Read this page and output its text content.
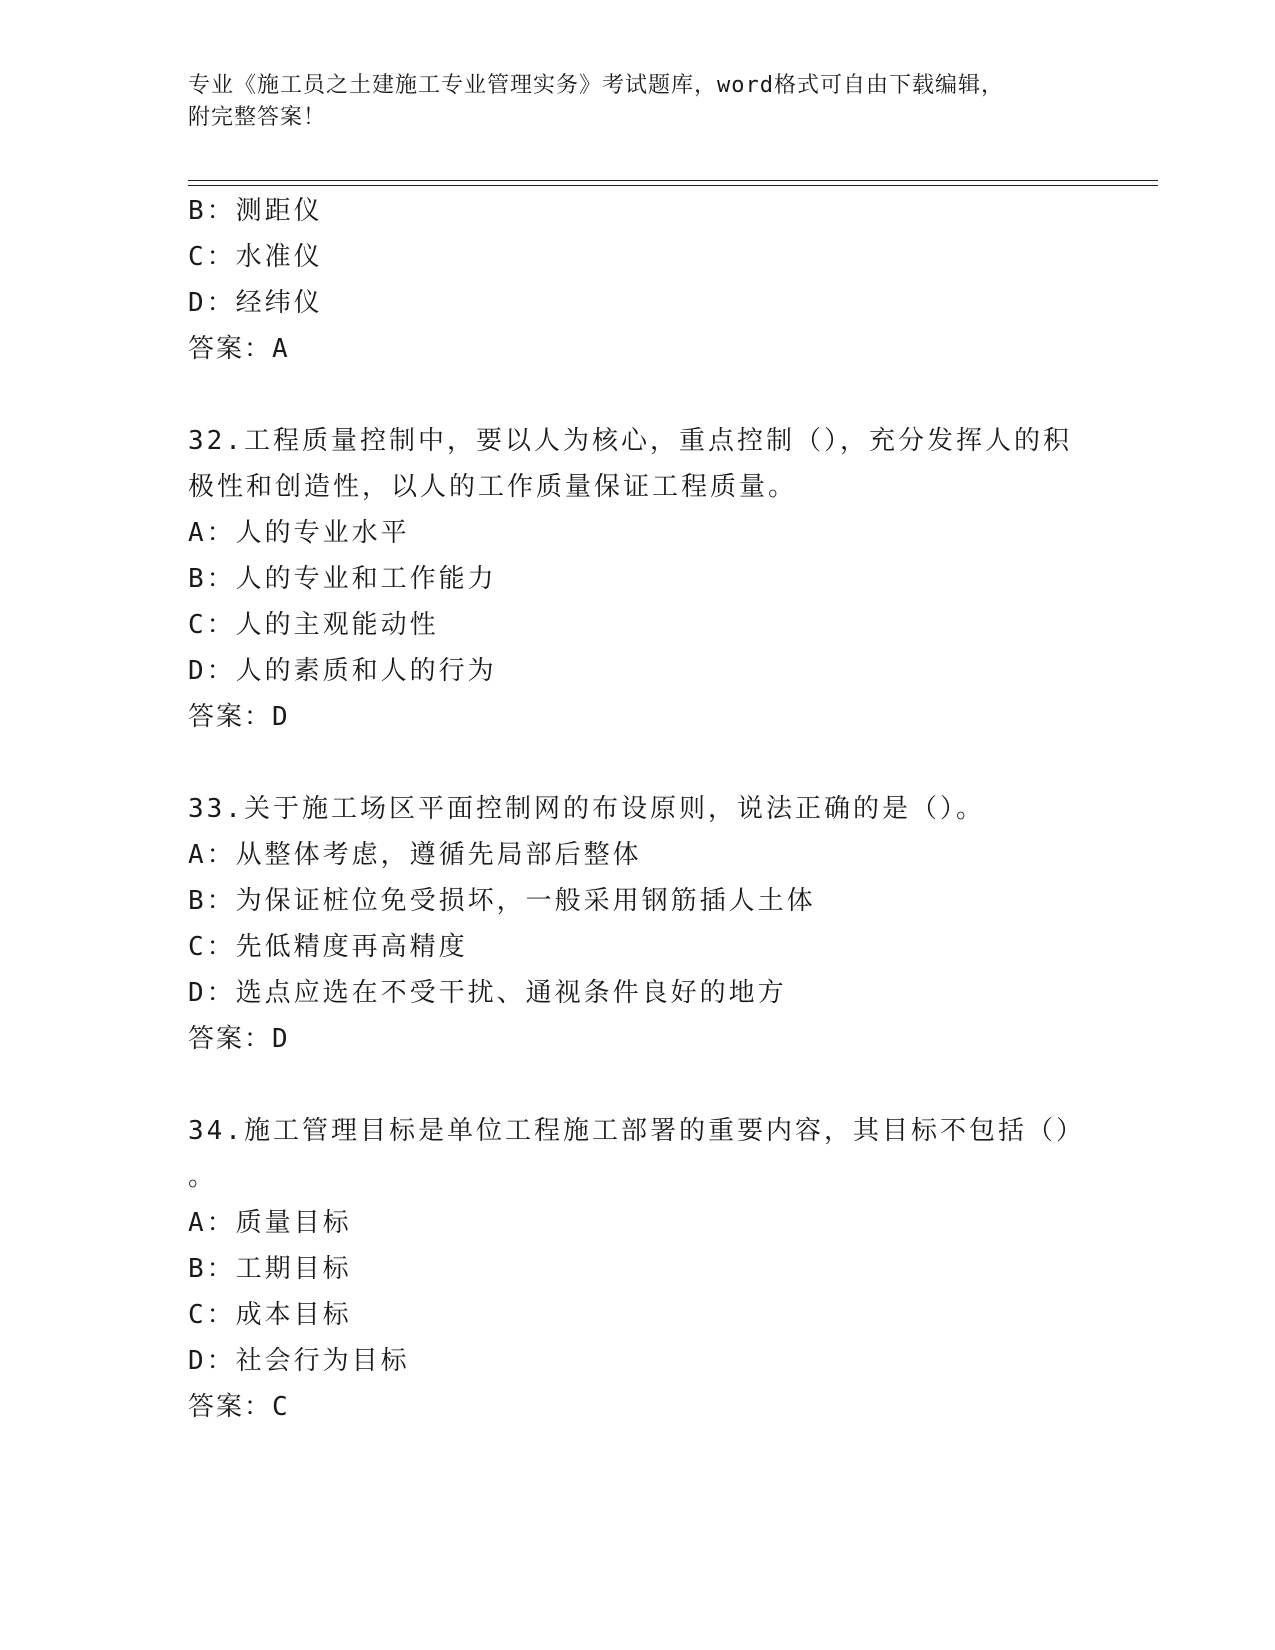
专业《施工员之土建施工专业管理实务》考试题库，word格式可自由下载编辑，
附完整答案！
B：测距仪
C：水准仪
D：经纬仪
答案：A
32.工程质量控制中，要以人为核心，重点控制（），充分发挥人的积
极性和创造性，以人的工作质量保证工程质量。
A：人的专业水平
B：人的专业和工作能力
C：人的主观能动性
D：人的素质和人的行为
答案：D
33.关于施工场区平面控制网的布设原则，说法正确的是（）。
A：从整体考虑，遵循先局部后整体
B：为保证桩位免受损坏，一般采用钢筋插人土体
C：先低精度再高精度
D：选点应选在不受干扰、通视条件良好的地方
答案：D
34.施工管理目标是单位工程施工部署的重要内容，其目标不包括（）
。
A：质量目标
B：工期目标
C：成本目标
D：社会行为目标
答案：C
